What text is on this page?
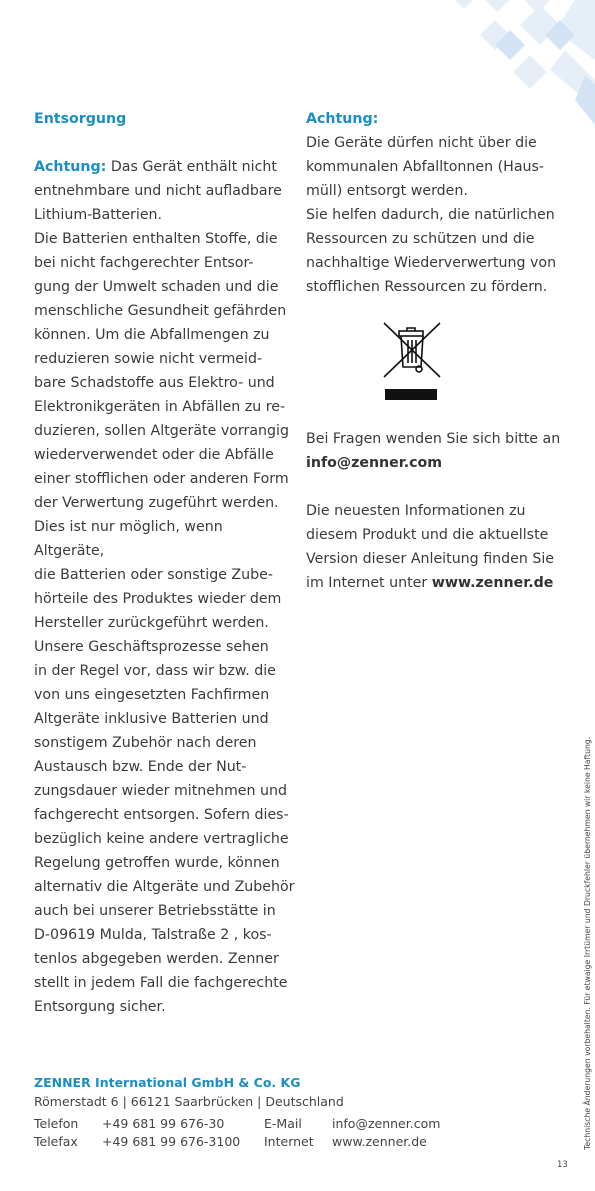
Entsorgung

Achtung: Das Gerät enthält nicht

entnehmbare und nicht aufladbare

Lithium-Batterien.

Die Batterien enthalten Stoffe, die

bei nicht fachgerechter Entsor-

gung der Umwelt schaden und die

menschliche Gesundheit gefährden

können. Um die Abfallmengen zu

reduzieren sowie nicht vermeid-

bare Schadstoffe aus Elektro- und

Elektronikgeräten in Abfällen zu re-

duzieren, sollen Altgeräte vorrangig

wiederverwendet oder die Abfälle

einer stofflichen oder anderen Form

der Verwertung zugeführt werden.

Dies ist nur möglich, wenn Altgeräte,

die Batterien oder sonstige Zube-

hörteile des Produktes wieder dem

Hersteller zurückgeführt werden.

Unsere Geschäftsprozesse sehen

in der Regel vor, dass wir bzw. die

von uns eingesetzten Fachfirmen

Altgeräte inklusive Batterien und

sonstigem Zubehör nach deren

Austausch bzw. Ende der Nut-

zungsdauer wieder mitnehmen und

fachgerecht entsorgen. Sofern dies-

bezüglich keine andere vertragliche

Regelung getroffen wurde, können

alternativ die Altgeräte und Zubehör

auch bei unserer Betriebsstätte in

D-09619 Mulda, Talstraße 2 , kos-

tenlos abgegeben werden. Zenner

stellt in jedem Fall die fachgerechte

Entsorgung sicher.

Achtung:

Die Geräte dürfen nicht über die

kommunalen Abfalltonnen (Haus-

müll) entsorgt werden.

Sie helfen dadurch, die natürlichen

Ressourcen zu schützen und die

nachhaltige Wiederverwertung von

stofflichen Ressourcen zu fördern.

Bei Fragen wenden Sie sich bitte an

info@zenner.com

Die neuesten Informationen zu

diesem Produkt und die aktuellste

Version dieser Anleitung finden Sie

im Internet unter www.zenner.de

ZENNER International GmbH & Co. KG
Römerstadt 6 | 66121 Saarbrücken | Deutschland
Telefon	+49 681 99 676-30	E-Mail	info@zenner.com
Telefax	+49 681 99 676-3100	Internet	www.zenner.de	Technische Änderungen vorbehalten. Für etwaige Irrtümer und Druckfehler übernehmen wir keine Haftung.
13
